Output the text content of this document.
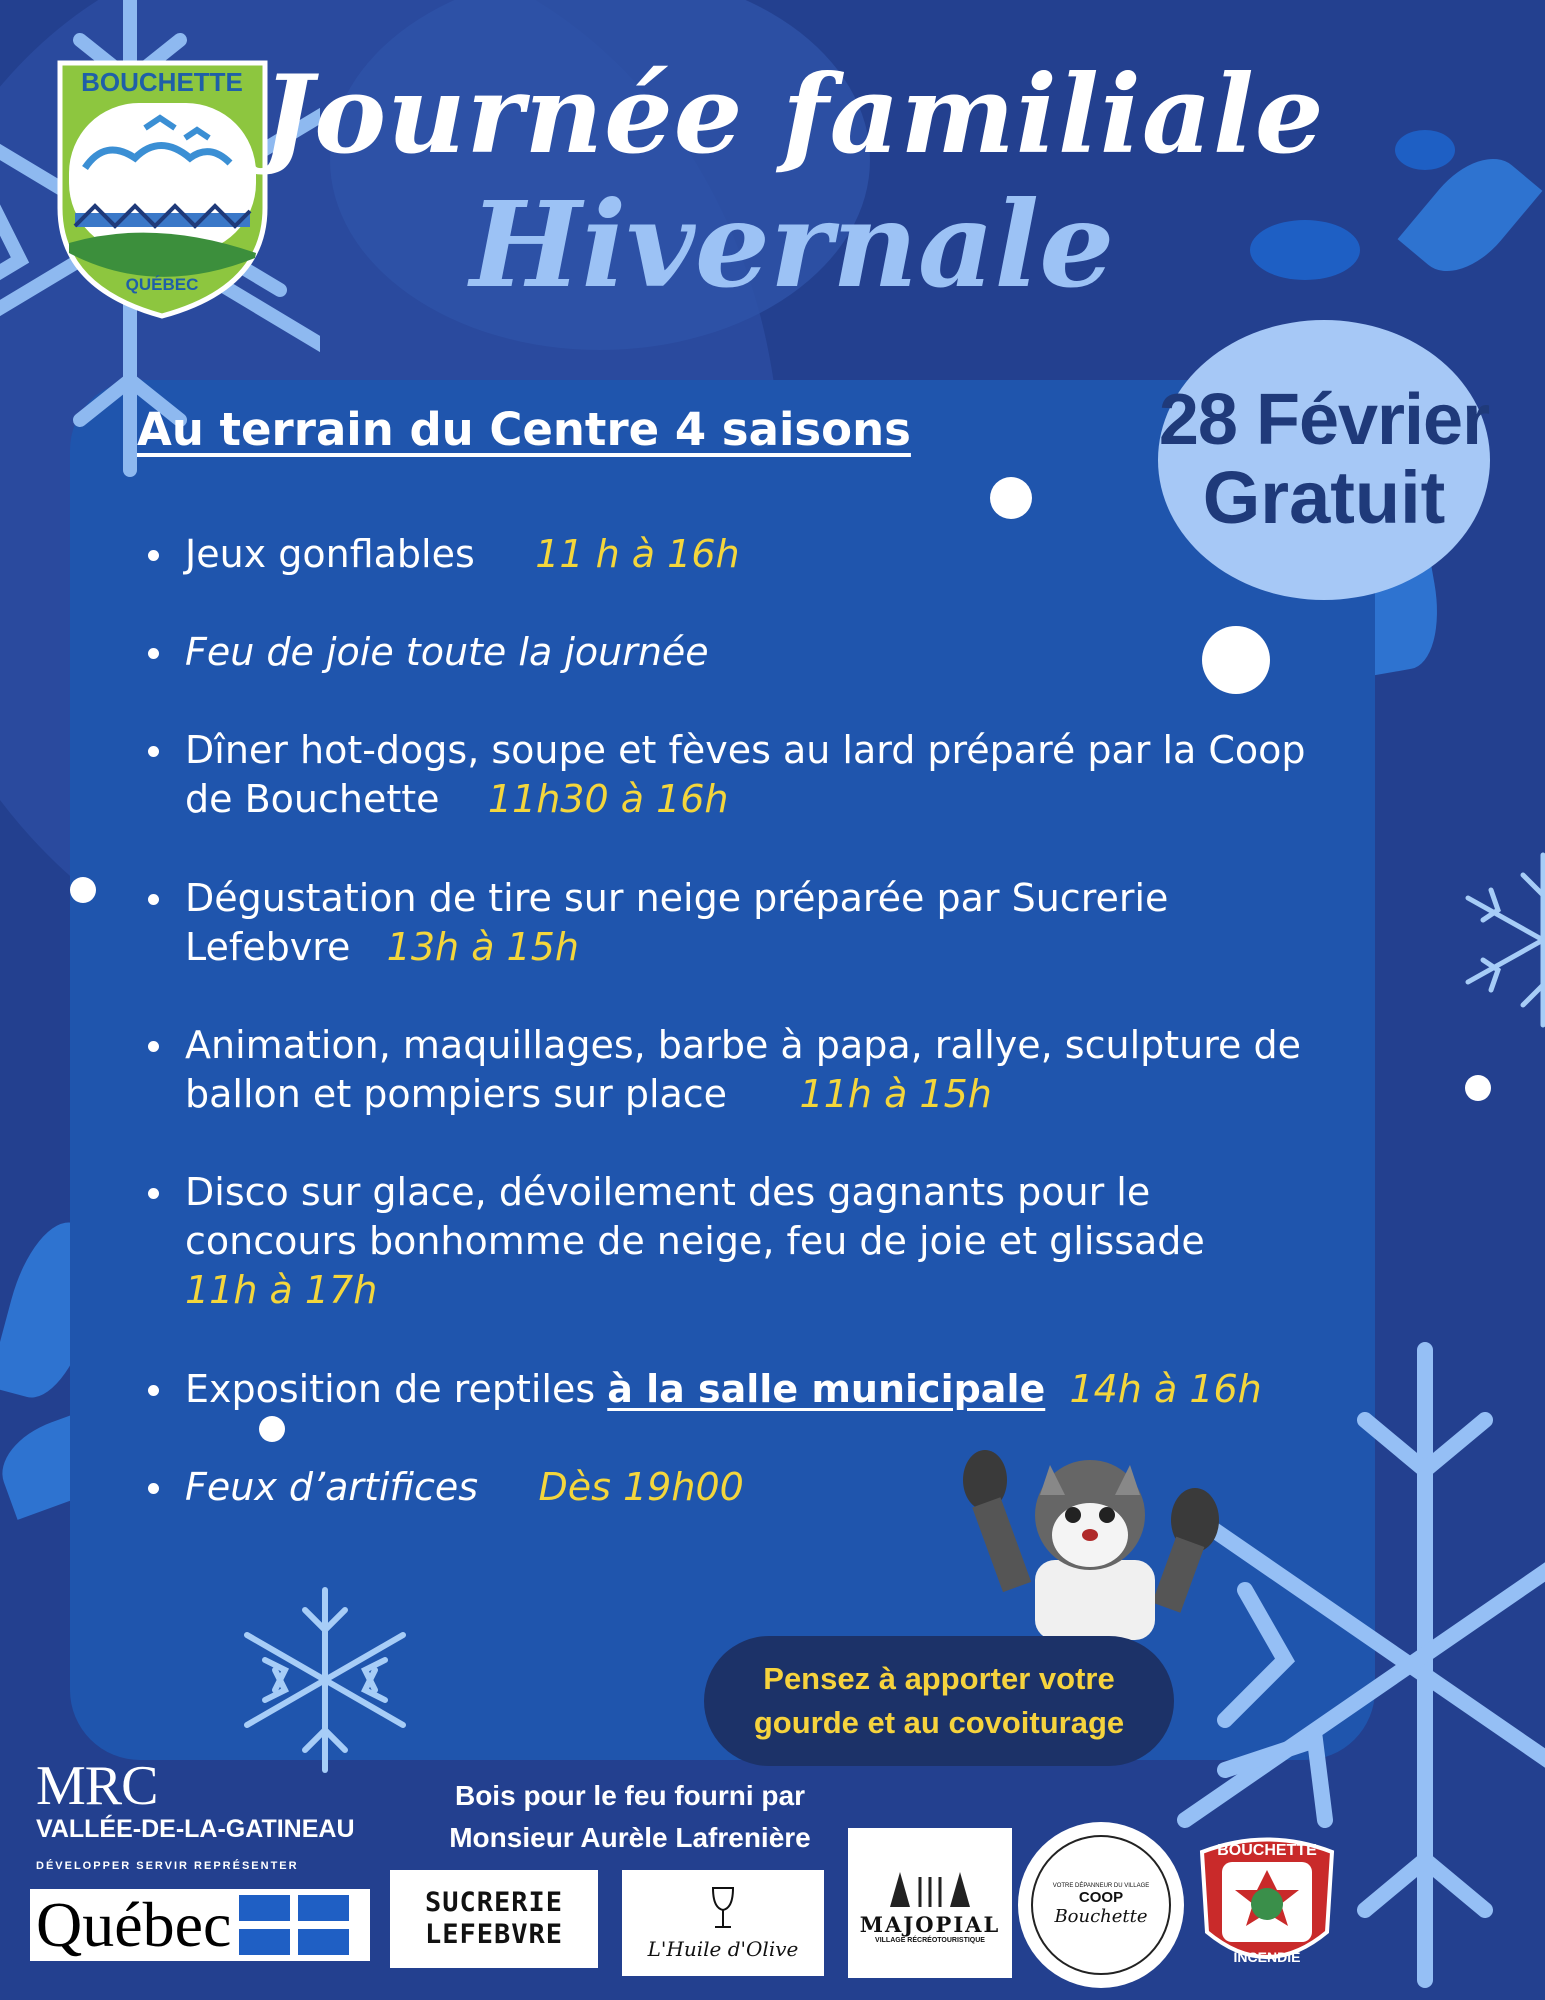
BOUCHETTE
QUÉBEC
Journée familiale
Hivernale
28 Février
Gratuit
Au terrain du Centre 4 saisons
Jeux gonflables 11 h à 16h
Feu de joie toute la journée
Dîner hot-dogs, soupe et fèves au lard préparé par la Coop de Bouchette 11h30 à 16h
Dégustation de tire sur neige préparée par Sucrerie Lefebvre 13h à 15h
Animation, maquillages, barbe à papa, rallye, sculpture de ballon et pompiers sur place 11h à 15h
Disco sur glace, dévoilement des gagnants pour le concours bonhomme de neige, feu de joie et glissade
11h à 17h
Exposition de reptiles à la salle municipale 14h à 16h
Feux d’artifices Dès 19h00
Pensez à apporter votre
gourde et au covoiturage
MRC
VALLÉE-DE-LA-GATINEAU
DÉVELOPPER SERVIR REPRÉSENTER
Québec
Bois pour le feu fourni par
Monsieur Aurèle Lafrenière
SUCRERIE
LEFEBVRE	L'Huile d'Olive
MAJOPIAL
VILLAGE RÉCRÉOTOURISTIQUE
VOTRE DÉPANNEUR DU VILLAGE
COOP
Bouchette
BOUCHETTE
INCENDIE
